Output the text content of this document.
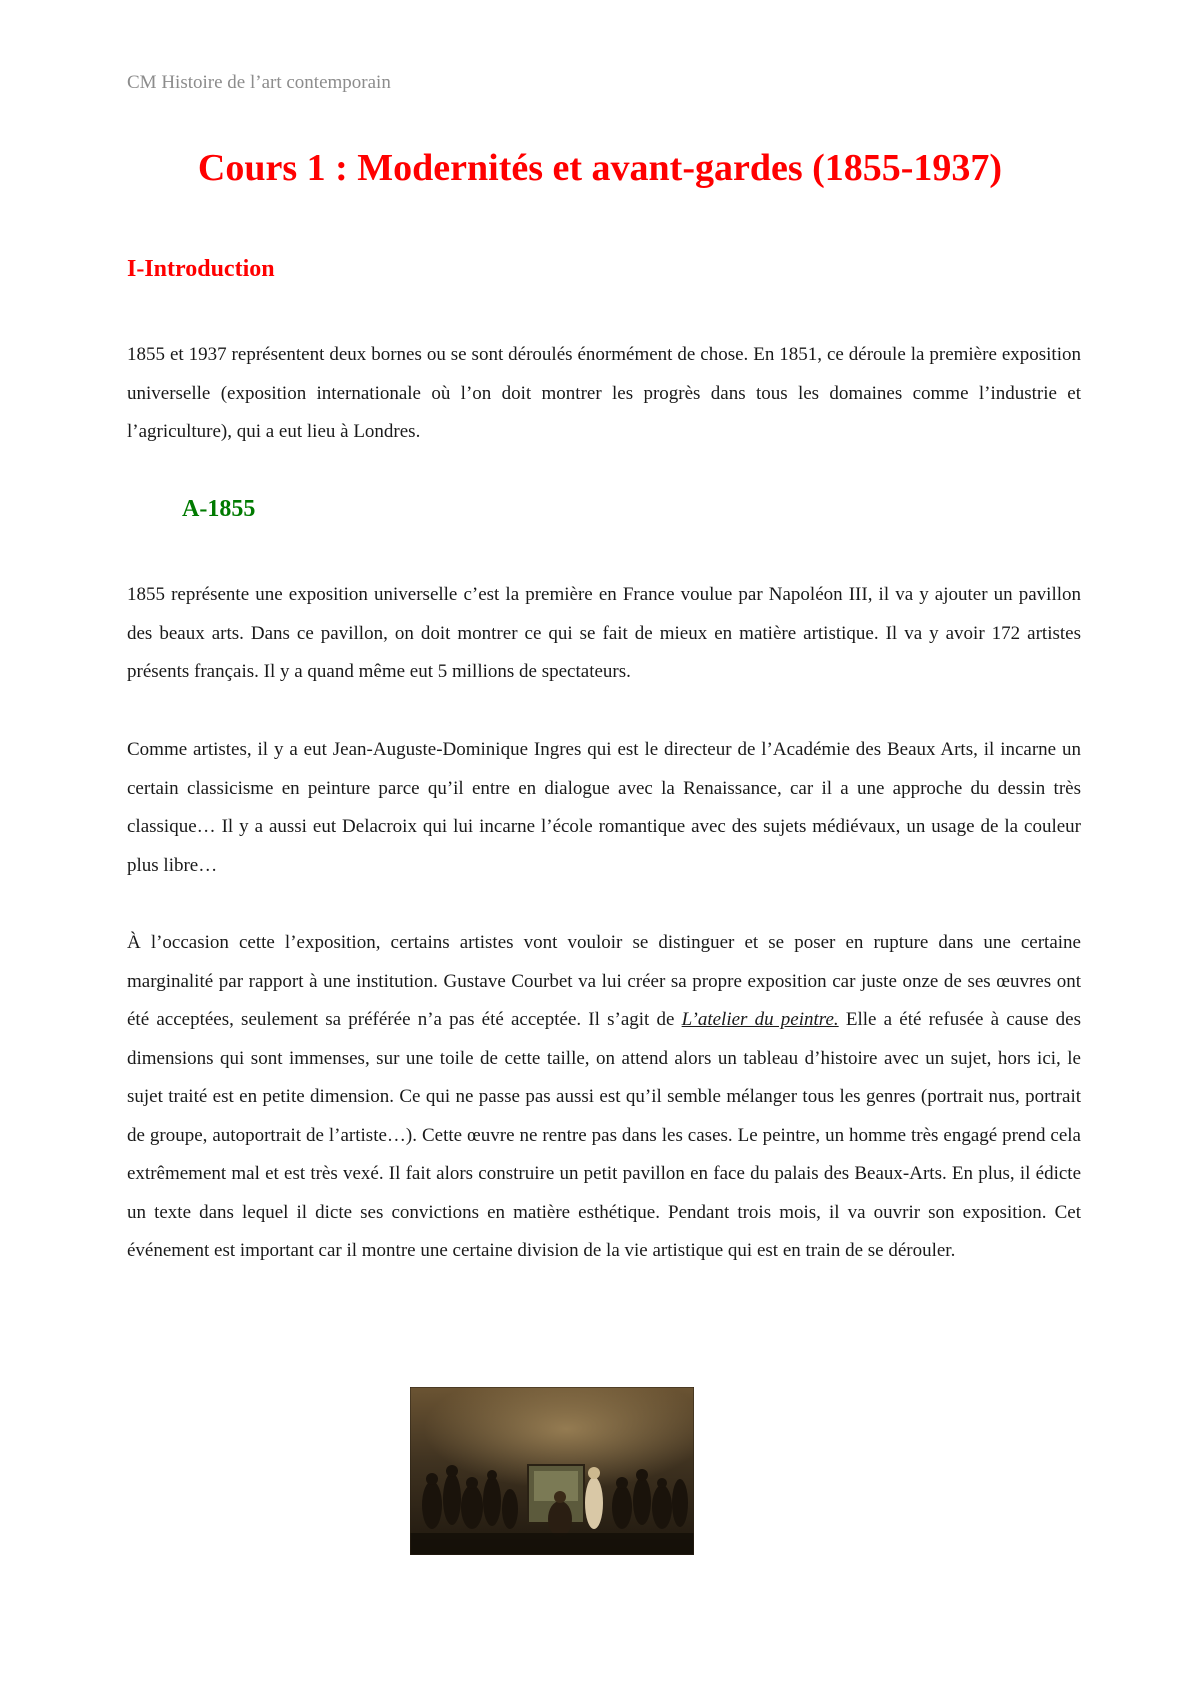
CM Histoire de l’art contemporain
Cours 1 : Modernités et avant-gardes (1855-1937)
I-Introduction

1855 et 1937 représentent deux bornes ou se sont déroulés énormément de chose. En 1851, ce déroule la première exposition universelle (exposition internationale où l’on doit montrer les progrès dans tous les domaines comme l’industrie et l’agriculture), qui a eut lieu à Londres.

A-1855

1855 représente une exposition universelle c’est la première en France voulue par Napoléon III, il va y ajouter un pavillon des beaux arts. Dans ce pavillon, on doit montrer ce qui se fait de mieux en matière artistique. Il va y avoir 172 artistes présents français. Il y a quand même eut 5 millions de spectateurs.

Comme artistes, il y a eut Jean-Auguste-Dominique Ingres qui est le directeur de l’Académie des Beaux Arts, il incarne un certain classicisme en peinture parce qu’il entre en dialogue avec la Renaissance, car il a une approche du dessin très classique… Il y a aussi eut Delacroix qui lui incarne l’école romantique avec des sujets médiévaux, un usage de la couleur plus libre…

À l’occasion cette l’exposition, certains artistes vont vouloir se distinguer et se poser en rupture dans une certaine marginalité par rapport à une institution. Gustave Courbet va lui créer sa propre exposition car juste onze de ses œuvres ont été acceptées, seulement sa préférée n’a pas été acceptée. Il s’agit de L’atelier du peintre. Elle a été refusée à cause des dimensions qui sont immenses, sur une toile de cette taille, on attend alors un tableau d’histoire avec un sujet, hors ici, le sujet traité est en petite dimension. Ce qui ne passe pas aussi est qu’il semble mélanger tous les genres (portrait nus, portrait de groupe, autoportrait de l’artiste…). Cette œuvre ne rentre pas dans les cases. Le peintre, un homme très engagé prend cela extrêmement mal et est très vexé. Il fait alors construire un petit pavillon en face du palais des Beaux-Arts. En plus, il édicte un texte dans lequel il dicte ses convictions en matière esthétique. Pendant trois mois, il va ouvrir son exposition. Cet événement est important car il montre une certaine division de la vie artistique qui est en train de se dérouler.
